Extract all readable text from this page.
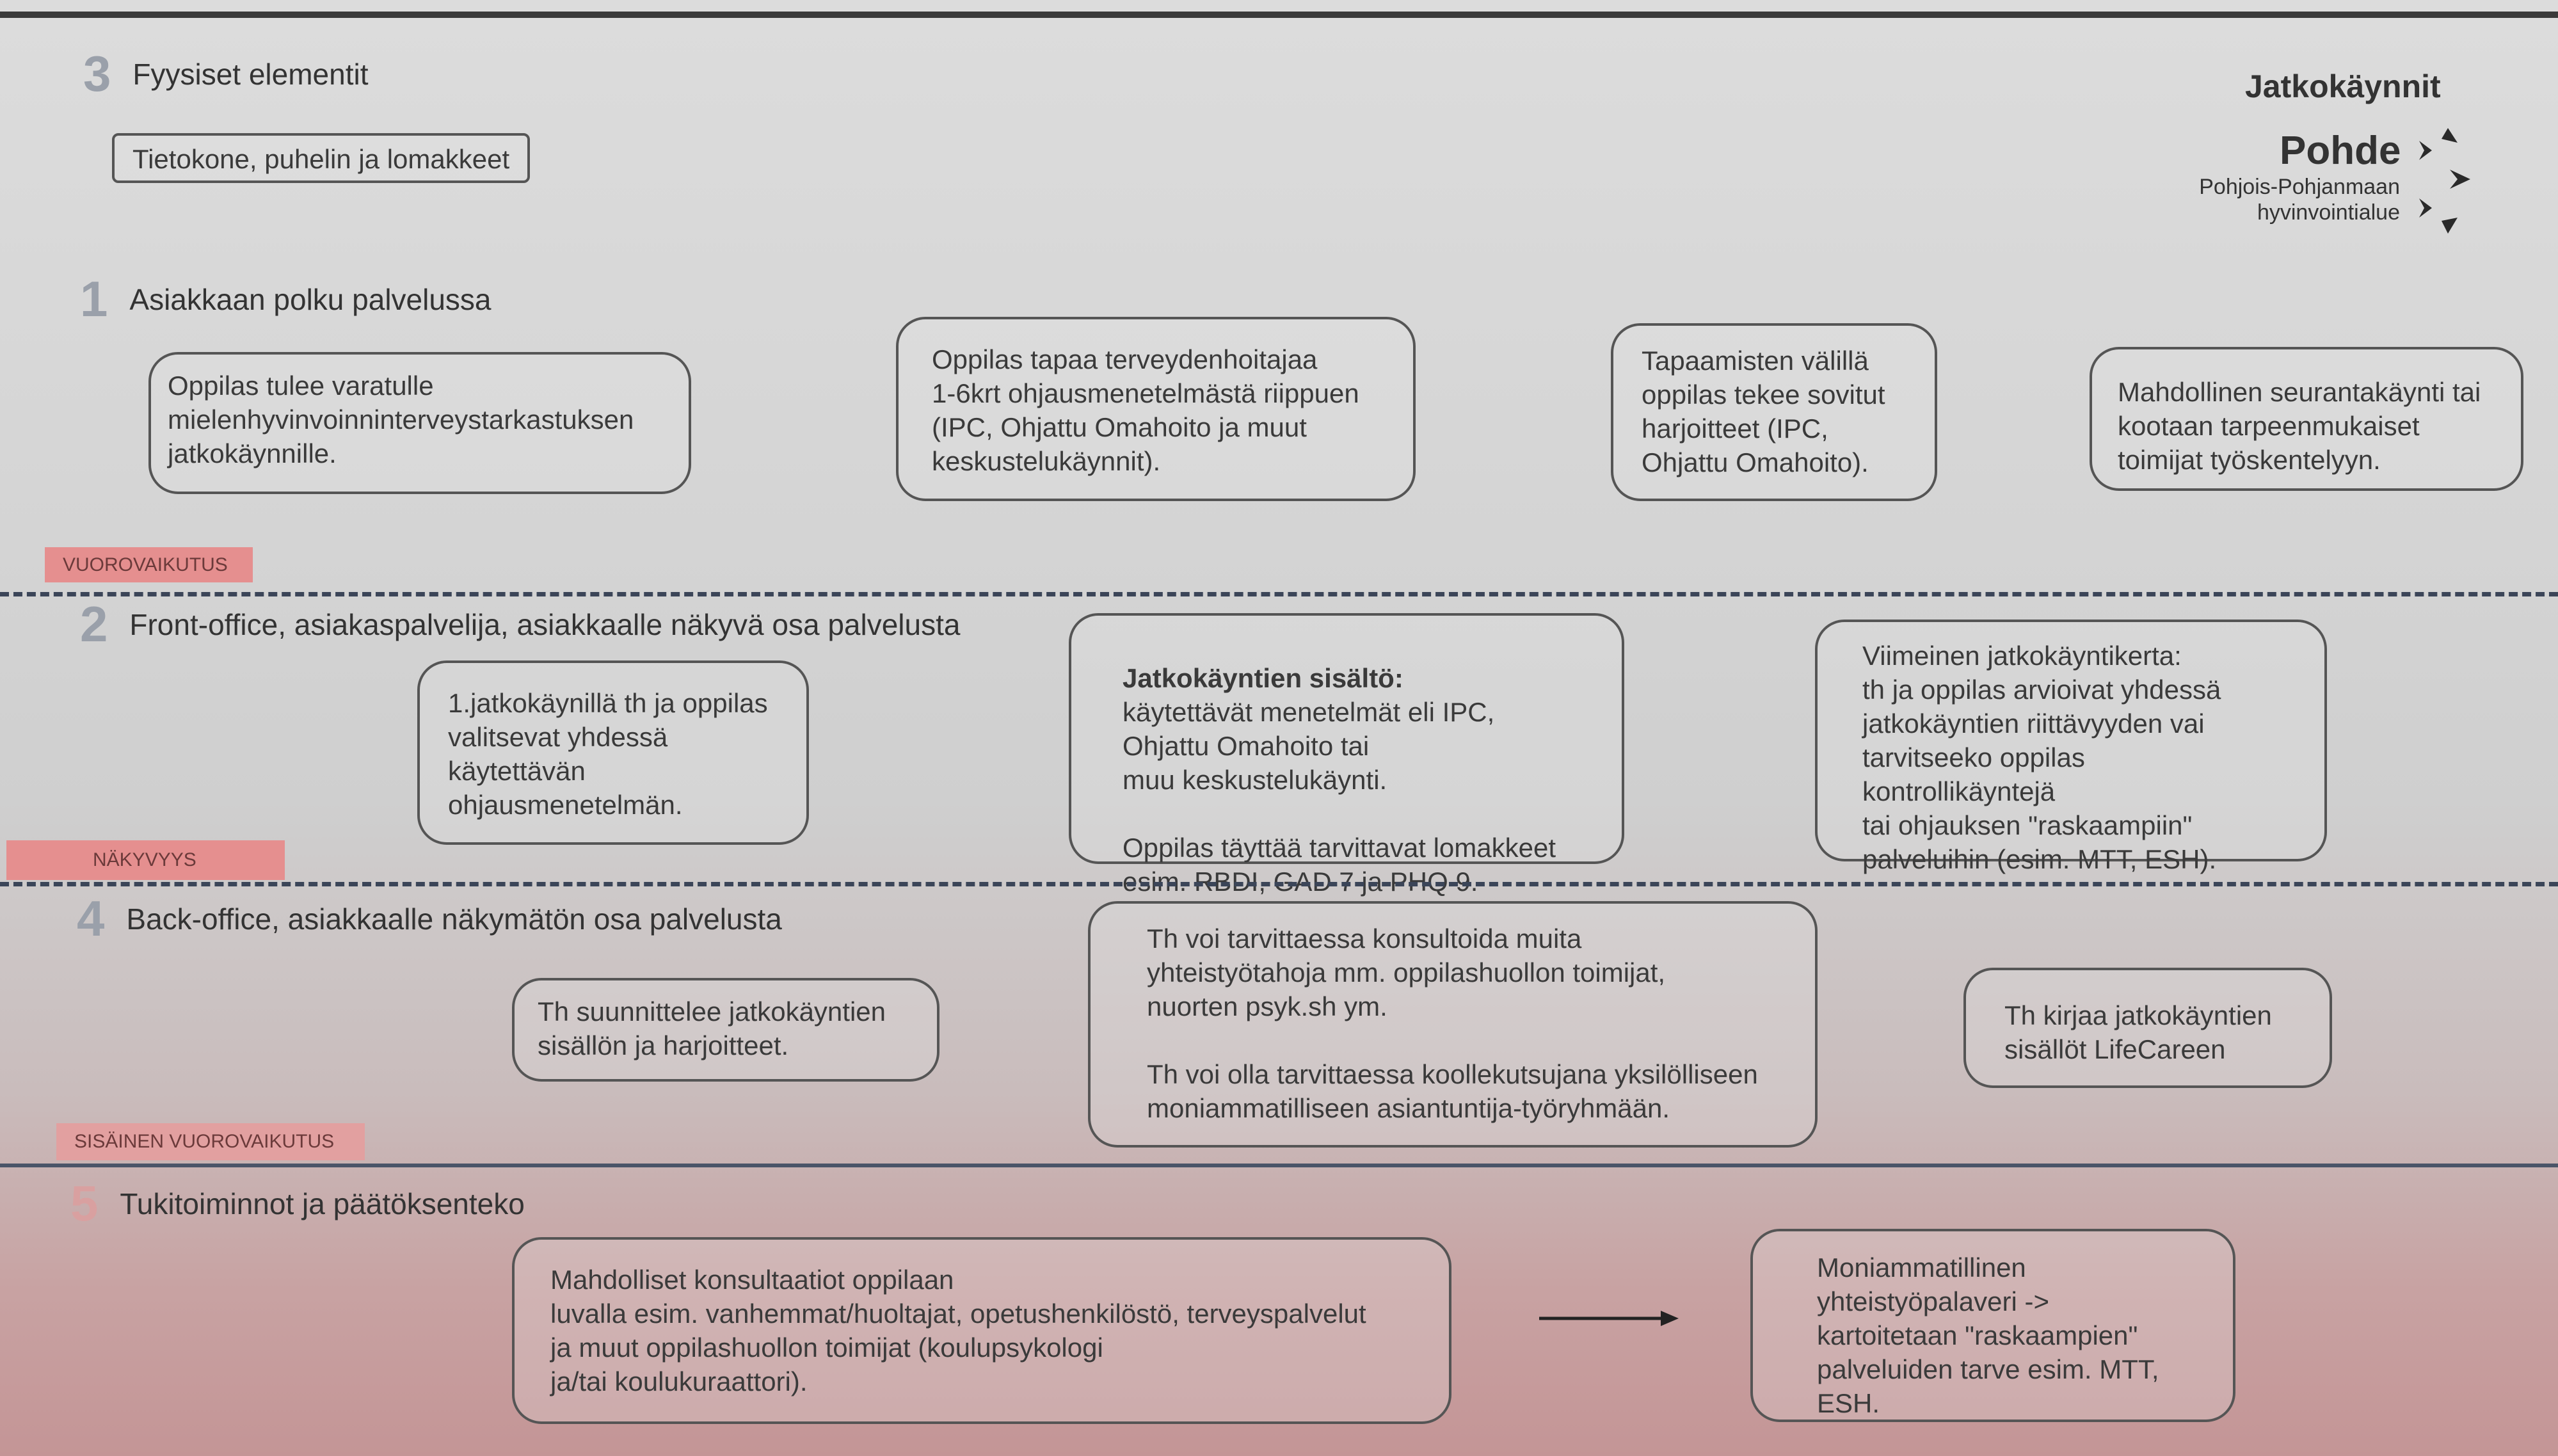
Jatkokäynnit
Pohde
Pohjois-Pohjanmaan
hyvinvointialue
3 Fyysiset elementit
Tietokone, puhelin ja lomakkeet
1 Asiakkaan polku palvelussa
Oppilas tulee varatulle
mielenhyvinvoinninterveystarkastuksen
jatkokäynnille.
Oppilas tapaa terveydenhoitajaa
1-6krt ohjausmenetelmästä riippuen
(IPC, Ohjattu Omahoito ja muut
keskustelukäynnit).
Tapaamisten välillä
oppilas tekee sovitut
harjoitteet (IPC,
Ohjattu Omahoito).
Mahdollinen seurantakäynti tai
kootaan tarpeenmukaiset
toimijat työskentelyyn.
VUOROVAIKUTUS
2 Front-office, asiakaspalvelija, asiakkaalle näkyvä osa palvelusta
1.jatkokäynillä th ja oppilas
valitsevat yhdessä
käytettävän
ohjausmenetelmän.

Jatkokäyntien sisältö:
käytettävät menetelmät eli IPC,
Ohjattu Omahoito tai
muu keskustelukäynti.

Oppilas täyttää tarvittavat lomakkeet
esim. RBDI, GAD 7 ja PHQ 9.

Viimeinen jatkokäyntikerta:
th ja oppilas arvioivat yhdessä
jatkokäyntien riittävyyden vai
tarvitseeko oppilas kontrollikäyntejä
tai ohjauksen "raskaampiin"
palveluihin (esim. MTT, ESH).
NÄKYVYYS
4 Back-office, asiakkaalle näkymätön osa palvelusta
Th suunnittelee jatkokäyntien
sisällön ja harjoitteet.
Th voi tarvittaessa konsultoida muita
yhteistyötahoja mm. oppilashuollon toimijat,
nuorten psyk.sh ym.

Th voi olla tarvittaessa koollekutsujana yksilölliseen
moniammatilliseen asiantuntija-työryhmään.
Th kirjaa jatkokäyntien
sisällöt LifeCareen
SISÄINEN VUOROVAIKUTUS
5 Tukitoiminnot ja päätöksenteko
Mahdolliset konsultaatiot oppilaan
luvalla esim. vanhemmat/huoltajat, opetushenkilöstö, terveyspalvelut
ja muut oppilashuollon toimijat (koulupsykologi
ja/tai koulukuraattori).
Moniammatillinen
yhteistyöpalaveri ->
kartoitetaan "raskaampien"
palveluiden tarve esim. MTT,
ESH.
